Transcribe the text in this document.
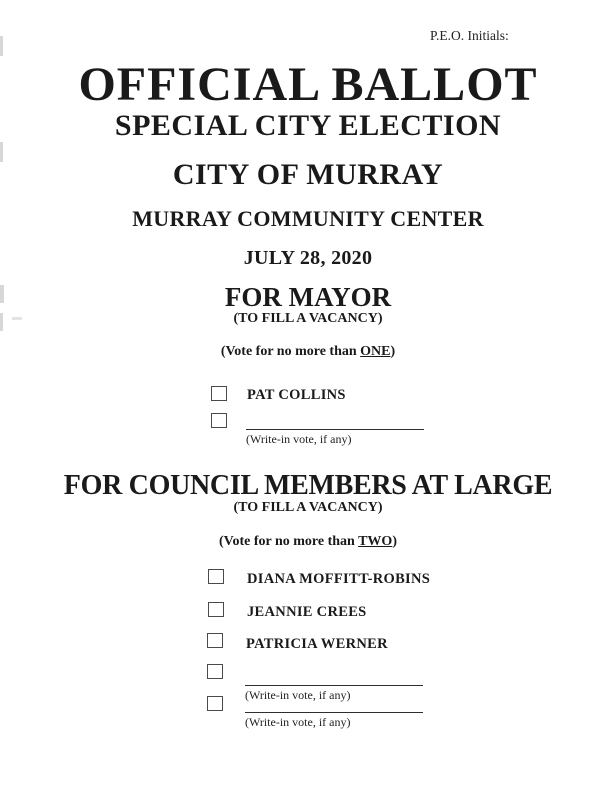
P.E.O. Initials:
OFFICIAL BALLOT
SPECIAL CITY ELECTION
CITY OF MURRAY
MURRAY COMMUNITY CENTER
JULY 28, 2020
FOR MAYOR
(TO FILL A VACANCY)
(Vote for no more than ONE)
PAT COLLINS
(Write-in vote, if any)
FOR COUNCIL MEMBERS AT LARGE
(TO FILL A VACANCY)
(Vote for no more than TWO)
DIANA MOFFITT-ROBINS
JEANNIE CREES
PATRICIA WERNER
(Write-in vote, if any)
(Write-in vote, if any)
